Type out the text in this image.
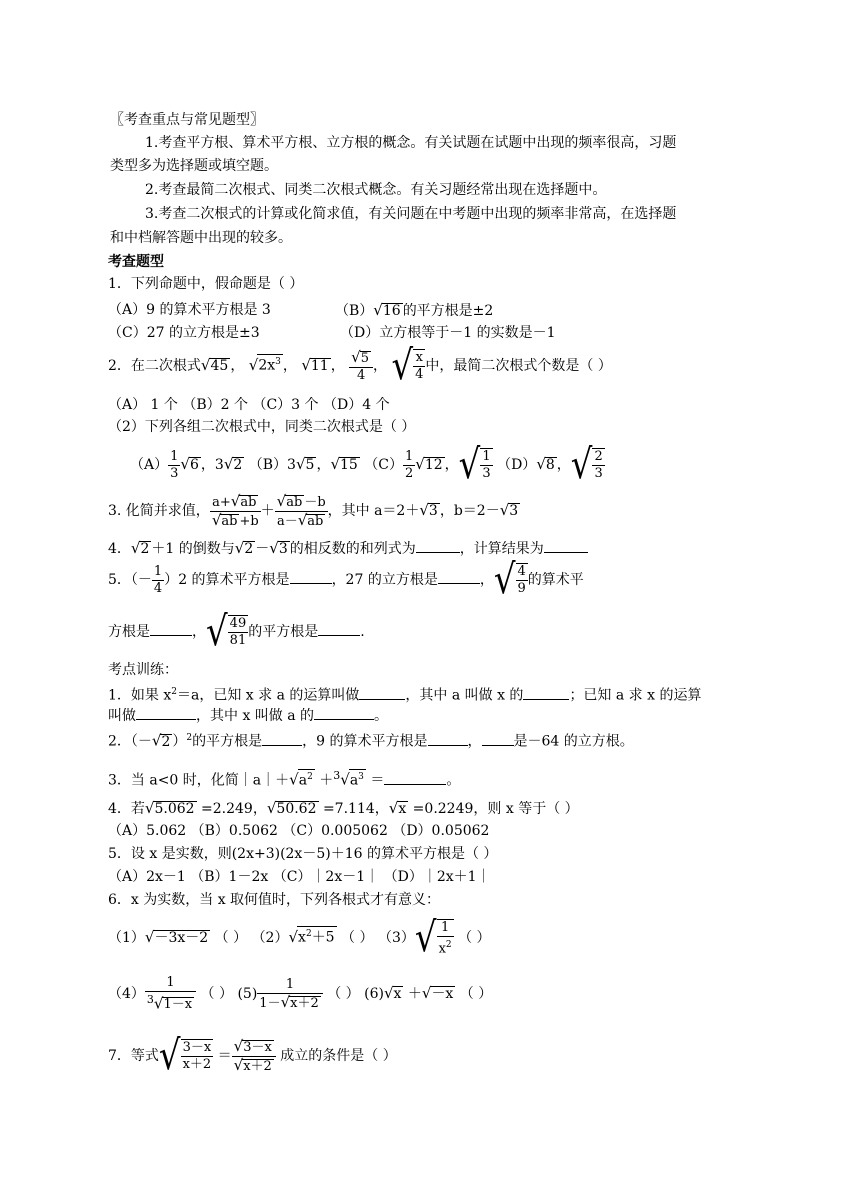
〖考查重点与常见题型〗
1.考查平方根、算术平方根、立方根的概念。有关试题在试题中出现的频率很高，习题
类型多为选择题或填空题。
2.考查最简二次根式、同类二次根式概念。有关习题经常出现在选择题中。
3.考查二次根式的计算或化简求值，有关问题在中考题中出现的频率非常高，在选择题
和中档解答题中出现的较多。
考查题型
1．下列命题中，假命题是（ ）
（A）9 的算术平方根是 3	（B）√16 的平方根是±2
（C）27 的立方根是±3	（D）立方根等于－1 的实数是－1
2．在二次根式√45 ， $√2x^3$ ， √11 ， $\frac{√5}{4}$ ， √ $\frac{x}{4}$ 中，最简二次根式个数是（ ）
（A） 1 个 （B）2 个 （C）3 个 （D）4 个
（2）下列各组二次根式中，同类二次根式是（ ）
$(A) \frac{1}{3} √6$ ，3√2 （B）3√5 ，√15 $(C) \frac{1}{2} √12$ ，√ $\frac{1}{3} (D)√8$ ，√ $\frac{2}{3}$
3. 化简并求值， $\frac{a+√ab}{√ab +b} + \frac{√ab -b}{a-√ab}$ ，其中 a＝2＋√3 ，b＝2－√3
4．√2 ＋1 的倒数与√2 －√3 的相反数的和列式为	，计算结果为
5．（－ $\frac{1}{4} )2$ 的算术平方根是	，27 的立方根是	，√ $\frac{4}{9}$ 的算术平
方根是	，√ $\frac{49}{81}$ 的平方根是	.
考点训练：
1．如果 $x^2=a$，已知 x 求 a 的运算叫做	，其中 a 叫做 x 的	；已知 a 求 x 的运算
叫做	，其中 x 叫做 a 的	。
2．（－√2 ）$^2$的平方根是	，9 的算术平方根是	， 是－64 的立方根。
3．当 a<0 时，化简$|a|+√a^2 +^3√a^3$ ＝	。
4．若√5.062 =2.249，√50.62 =7.114，√x =0.2249，则 x 等于（ ）
（A）5.062 （B）0.5062 （C）0.005062 （D）0.05062
5．设 x 是实数，则(2x+3)(2x－5)＋16 的算术平方根是（ ）
（A）2x－1 （B）1－2x （C）｜2x－1｜ （D）｜2x＋1｜
6．x 为实数，当 x 取何值时，下列各根式才有意义：
（1）√－3x－2 （ ） $(2)√x^2+5$ （ ） $(3)√ \frac{1}{x^2}$ （ ）
$(4) \frac{1}{^3√1-x}$ （ ） $(5) \frac{1}{1-√x+2}$ （ ） (6)√x ＋√－x （ ）
7．等式√ $\frac{3-x}{x+2} = \frac{√3-x}{√x+2}$ 成立的条件是（ ）
